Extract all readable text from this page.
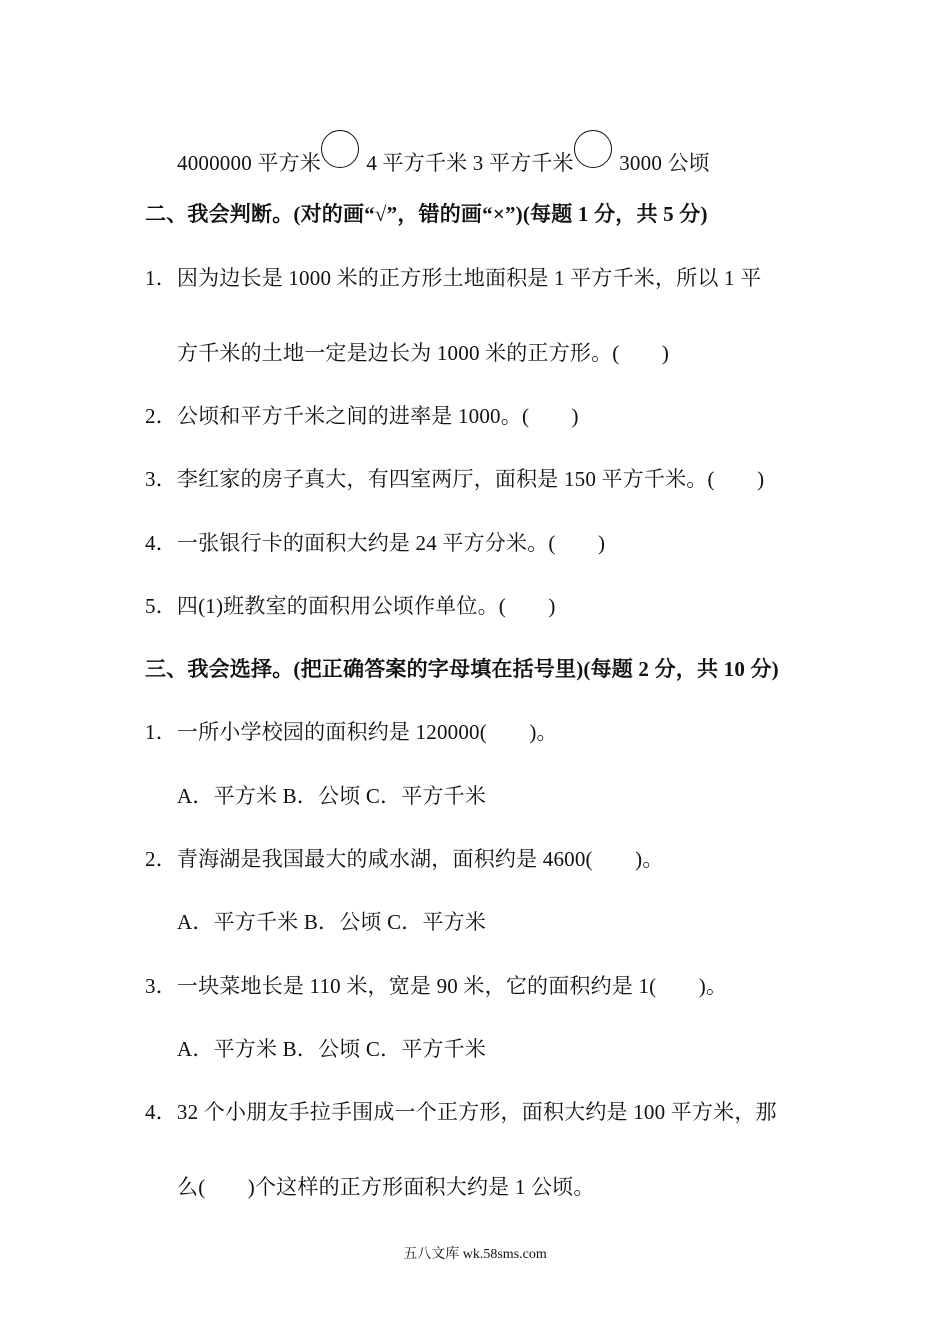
4000000 平方米 4 平方千米 3 平方千米 3000 公顷
二、我会判断。(对的画“√”，错的画“×”)(每题 1 分，共 5 分)
1．因为边长是 1000 米的正方形土地面积是 1 平方千米，所以 1 平
方千米的土地一定是边长为 1000 米的正方形。(　　)
2．公顷和平方千米之间的进率是 1000。(　　)
3．李红家的房子真大，有四室两厅，面积是 150 平方千米。(　　)
4．一张银行卡的面积大约是 24 平方分米。(　　)
5．四(1)班教室的面积用公顷作单位。(　　)
三、我会选择。(把正确答案的字母填在括号里)(每题 2 分，共 10 分)
1．一所小学校园的面积约是 120000(　　)。
A．平方米 B．公顷 C．平方千米
2．青海湖是我国最大的咸水湖，面积约是 4600(　　)。
A．平方千米 B．公顷 C．平方米
3．一块菜地长是 110 米，宽是 90 米，它的面积约是 1(　　)。
A．平方米 B．公顷 C．平方千米
4．32 个小朋友手拉手围成一个正方形，面积大约是 100 平方米，那
么(　　)个这样的正方形面积大约是 1 公顷。
五八文库 wk.58sms.com
